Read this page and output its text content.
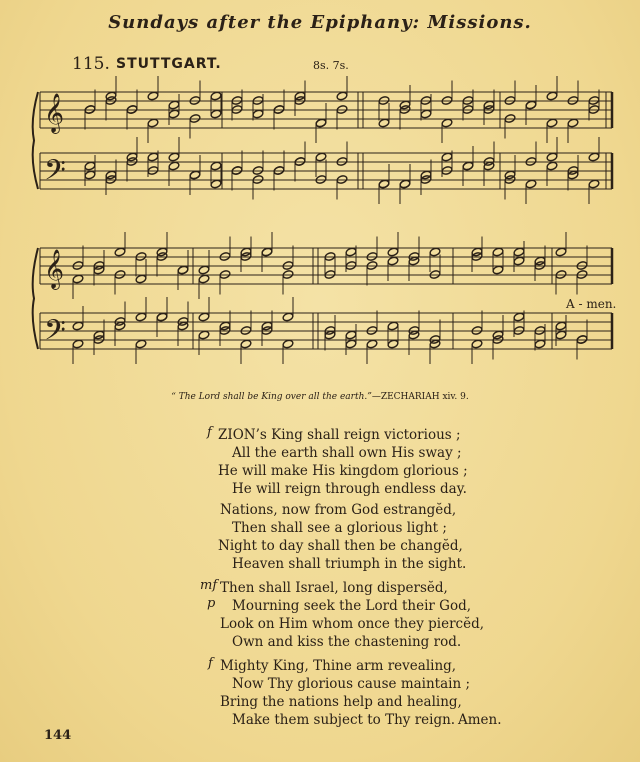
Sundays after the Epiphany: Missions.
115. STUTTGART.	8s. 7s.
𝄞
𝄢
𝄞
𝄢
A - men.
“ The Lord shall be King over all the earth.”—ZECHARIAH xiv. 9.
f ZION’s King shall reign victorious ;
All the earth shall own His sway ;
He will make His kingdom glorious ;
He will reign through endless day.
Nations, now from God estrangĕd,
Then shall see a glorious light ;
Night to day shall then be changĕd,
Heaven shall triumph in the sight.
mf
p
Then shall Israel, long dispersĕd,
Mourning seek the Lord their God,
Look on Him whom once they piercĕd,
Own and kiss the chastening rod.
f Mighty King, Thine arm revealing,
Now Thy glorious cause maintain ;
Bring the nations help and healing,
Make them subject to Thy reign. Amen.
144
